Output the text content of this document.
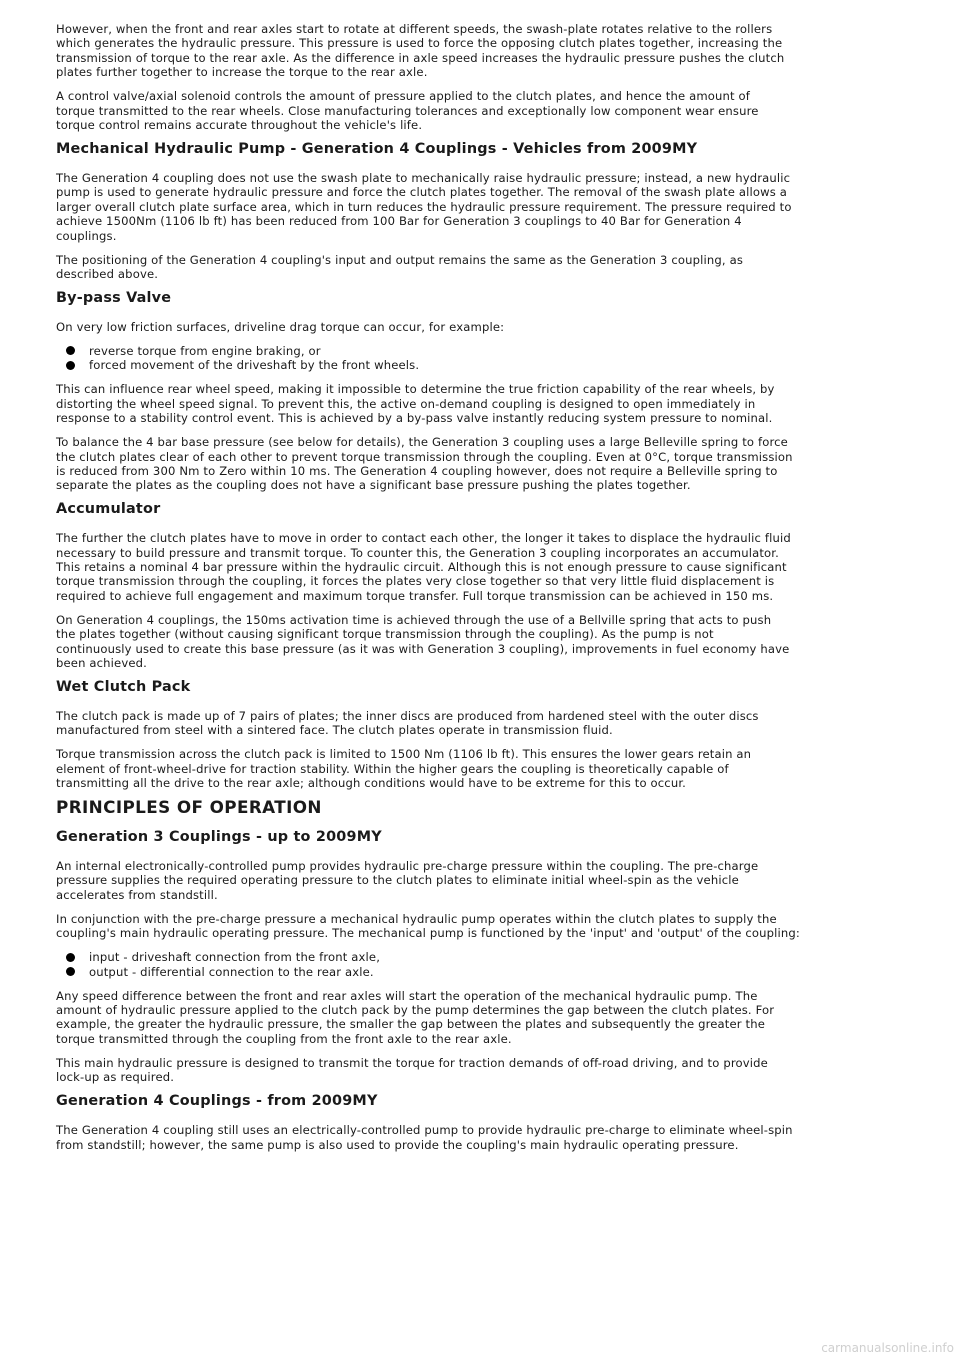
However, when the front and rear axles start to rotate at different speeds, the swash-plate rotates relative to the rollers
which generates the hydraulic pressure. This pressure is used to force the opposing clutch plates together, increasing the
transmission of torque to the rear axle. As the difference in axle speed increases the hydraulic pressure pushes the clutch
plates further together to increase the torque to the rear axle.
A control valve/axial solenoid controls the amount of pressure applied to the clutch plates, and hence the amount of
torque transmitted to the rear wheels. Close manufacturing tolerances and exceptionally low component wear ensure
torque control remains accurate throughout the vehicle's life.
Mechanical Hydraulic Pump - Generation 4 Couplings - Vehicles from 2009MY
The Generation 4 coupling does not use the swash plate to mechanically raise hydraulic pressure; instead, a new hydraulic
pump is used to generate hydraulic pressure and force the clutch plates together. The removal of the swash plate allows a
larger overall clutch plate surface area, which in turn reduces the hydraulic pressure requirement. The pressure required to
achieve 1500Nm (1106 lb ft) has been reduced from 100 Bar for Generation 3 couplings to 40 Bar for Generation 4
couplings.
The positioning of the Generation 4 coupling's input and output remains the same as the Generation 3 coupling, as
described above.
By-pass Valve
On very low friction surfaces, driveline drag torque can occur, for example:
reverse torque from engine braking, or
forced movement of the driveshaft by the front wheels.
This can influence rear wheel speed, making it impossible to determine the true friction capability of the rear wheels, by
distorting the wheel speed signal. To prevent this, the active on-demand coupling is designed to open immediately in
response to a stability control event. This is achieved by a by-pass valve instantly reducing system pressure to nominal.
To balance the 4 bar base pressure (see below for details), the Generation 3 coupling uses a large Belleville spring to force
the clutch plates clear of each other to prevent torque transmission through the coupling. Even at 0°C, torque transmission
is reduced from 300 Nm to Zero within 10 ms. The Generation 4 coupling however, does not require a Belleville spring to
separate the plates as the coupling does not have a significant base pressure pushing the plates together.
Accumulator
The further the clutch plates have to move in order to contact each other, the longer it takes to displace the hydraulic fluid
necessary to build pressure and transmit torque. To counter this, the Generation 3 coupling incorporates an accumulator.
This retains a nominal 4 bar pressure within the hydraulic circuit. Although this is not enough pressure to cause significant
torque transmission through the coupling, it forces the plates very close together so that very little fluid displacement is
required to achieve full engagement and maximum torque transfer. Full torque transmission can be achieved in 150 ms.
On Generation 4 couplings, the 150ms activation time is achieved through the use of a Bellville spring that acts to push
the plates together (without causing significant torque transmission through the coupling). As the pump is not
continuously used to create this base pressure (as it was with Generation 3 coupling), improvements in fuel economy have
been achieved.
Wet Clutch Pack
The clutch pack is made up of 7 pairs of plates; the inner discs are produced from hardened steel with the outer discs
manufactured from steel with a sintered face. The clutch plates operate in transmission fluid.
Torque transmission across the clutch pack is limited to 1500 Nm (1106 lb ft). This ensures the lower gears retain an
element of front-wheel-drive for traction stability. Within the higher gears the coupling is theoretically capable of
transmitting all the drive to the rear axle; although conditions would have to be extreme for this to occur.
PRINCIPLES OF OPERATION
Generation 3 Couplings - up to 2009MY
An internal electronically-controlled pump provides hydraulic pre-charge pressure within the coupling. The pre-charge
pressure supplies the required operating pressure to the clutch plates to eliminate initial wheel-spin as the vehicle
accelerates from standstill.
In conjunction with the pre-charge pressure a mechanical hydraulic pump operates within the clutch plates to supply the
coupling's main hydraulic operating pressure. The mechanical pump is functioned by the 'input' and 'output' of the coupling:
input - driveshaft connection from the front axle,
output - differential connection to the rear axle.
Any speed difference between the front and rear axles will start the operation of the mechanical hydraulic pump. The
amount of hydraulic pressure applied to the clutch pack by the pump determines the gap between the clutch plates. For
example, the greater the hydraulic pressure, the smaller the gap between the plates and subsequently the greater the
torque transmitted through the coupling from the front axle to the rear axle.
This main hydraulic pressure is designed to transmit the torque for traction demands of off-road driving, and to provide
lock-up as required.
Generation 4 Couplings - from 2009MY
The Generation 4 coupling still uses an electrically-controlled pump to provide hydraulic pre-charge to eliminate wheel-spin
from standstill; however, the same pump is also used to provide the coupling's main hydraulic operating pressure.
carmanualsonline.info
